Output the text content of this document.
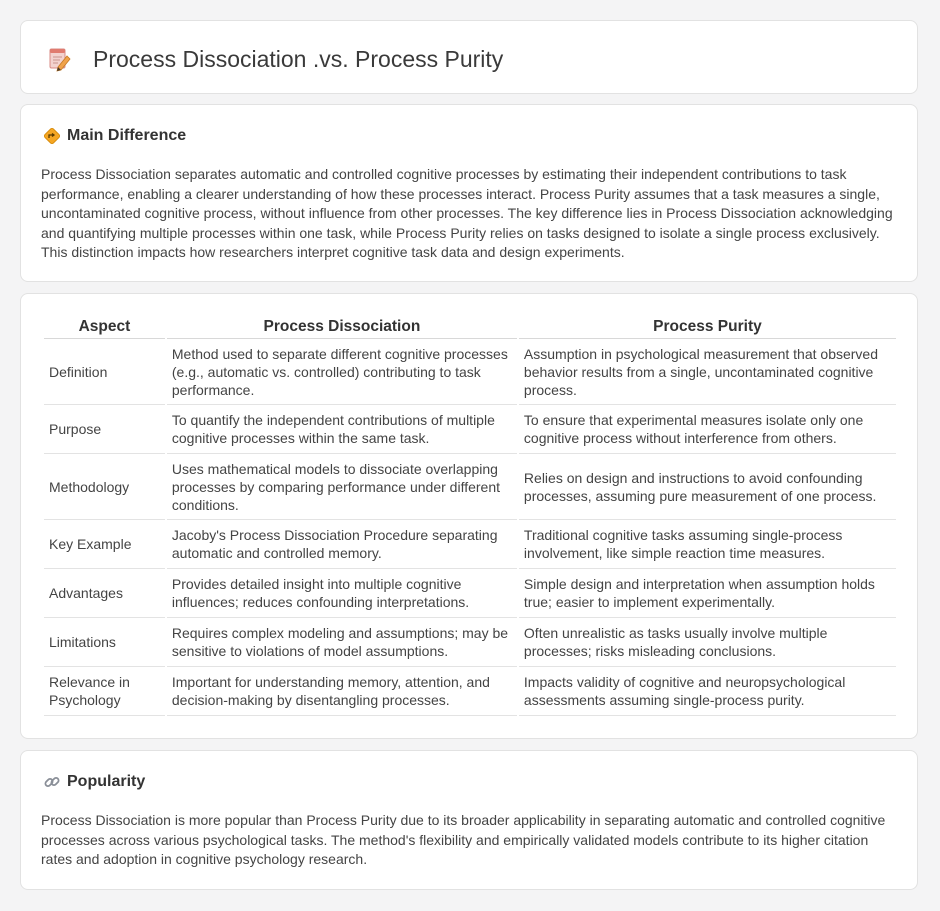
Process Dissociation .vs. Process Purity
Main Difference

Process Dissociation separates automatic and controlled cognitive processes by estimating their independent contributions to task performance, enabling a clearer understanding of how these processes interact. Process Purity assumes that a task measures a single, uncontaminated cognitive process, without influence from other processes. The key difference lies in Process Dissociation acknowledging and quantifying multiple processes within one task, while Process Purity relies on tasks designed to isolate a single process exclusively. This distinction impacts how researchers interpret cognitive task data and design experiments.

Aspect	Process Dissociation	Process Purity
Definition	Method used to separate different cognitive processes (e.g., automatic vs. controlled) contributing to task performance.	Assumption in psychological measurement that observed behavior results from a single, uncontaminated cognitive process.
Purpose	To quantify the independent contributions of multiple cognitive processes within the same task.	To ensure that experimental measures isolate only one cognitive process without interference from others.
Methodology	Uses mathematical models to dissociate overlapping processes by comparing performance under different conditions.	Relies on design and instructions to avoid confounding processes, assuming pure measurement of one process.
Key Example	Jacoby's Process Dissociation Procedure separating automatic and controlled memory.	Traditional cognitive tasks assuming single-process involvement, like simple reaction time measures.
Advantages	Provides detailed insight into multiple cognitive influences; reduces confounding interpretations.	Simple design and interpretation when assumption holds true; easier to implement experimentally.
Limitations	Requires complex modeling and assumptions; may be sensitive to violations of model assumptions.	Often unrealistic as tasks usually involve multiple processes; risks misleading conclusions.
Relevance in Psychology	Important for understanding memory, attention, and decision-making by disentangling processes.	Impacts validity of cognitive and neuropsychological assessments assuming single-process purity.
Popularity

Process Dissociation is more popular than Process Purity due to its broader applicability in separating automatic and controlled cognitive processes across various psychological tasks. The method's flexibility and empirically validated models contribute to its higher citation rates and adoption in cognitive psychology research.
